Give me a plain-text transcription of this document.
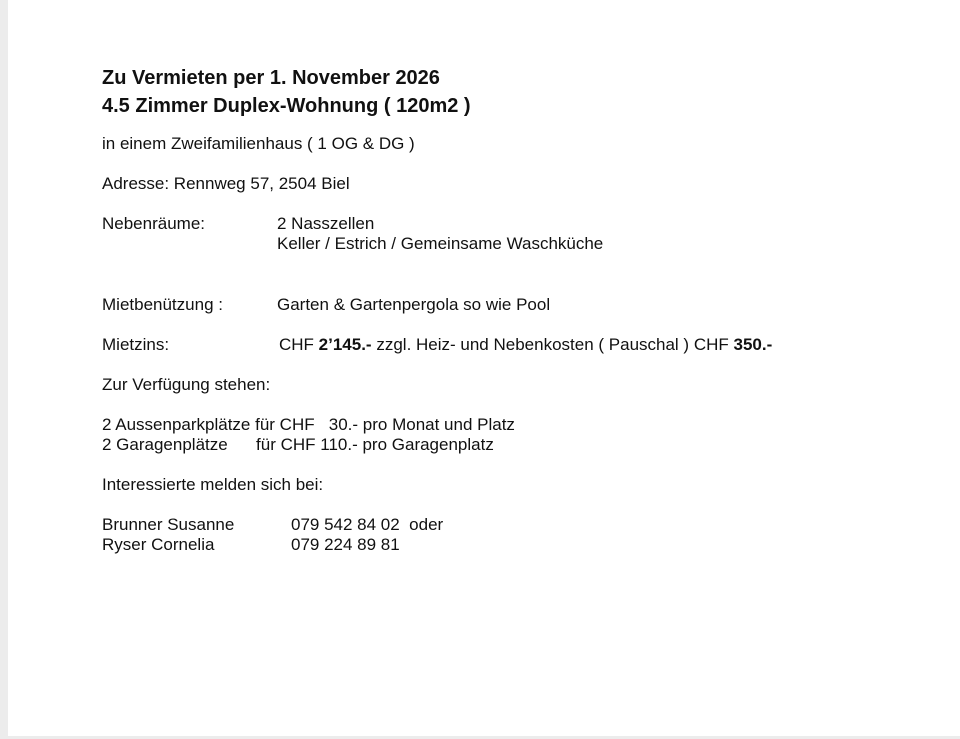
Zu Vermieten per 1. November 2026

4.5 Zimmer Duplex-Wohnung ( 120m2 )

in einem Zweifamilienhaus ( 1 OG & DG )

Adresse: Rennweg 57, 2504 Biel

Nebenräume:	2 Nasszellen
Keller / Estrich / Gemeinsame Waschküche
Mietbenützung :	Garten & Gartenpergola so wie Pool
Mietzins:	CHF 2’145.- zzgl. Heiz- und Nebenkosten ( Pauschal ) CHF 350.-

Zur Verfügung stehen:

2 Aussenparkplätze für CHF   30.- pro Monat und Platz
2 Garagenplätze      für CHF 110.- pro Garagenplatz

Interessierte melden sich bei:

Brunner Susanne	079 542 84 02  oder
Ryser Cornelia	079 224 89 81
